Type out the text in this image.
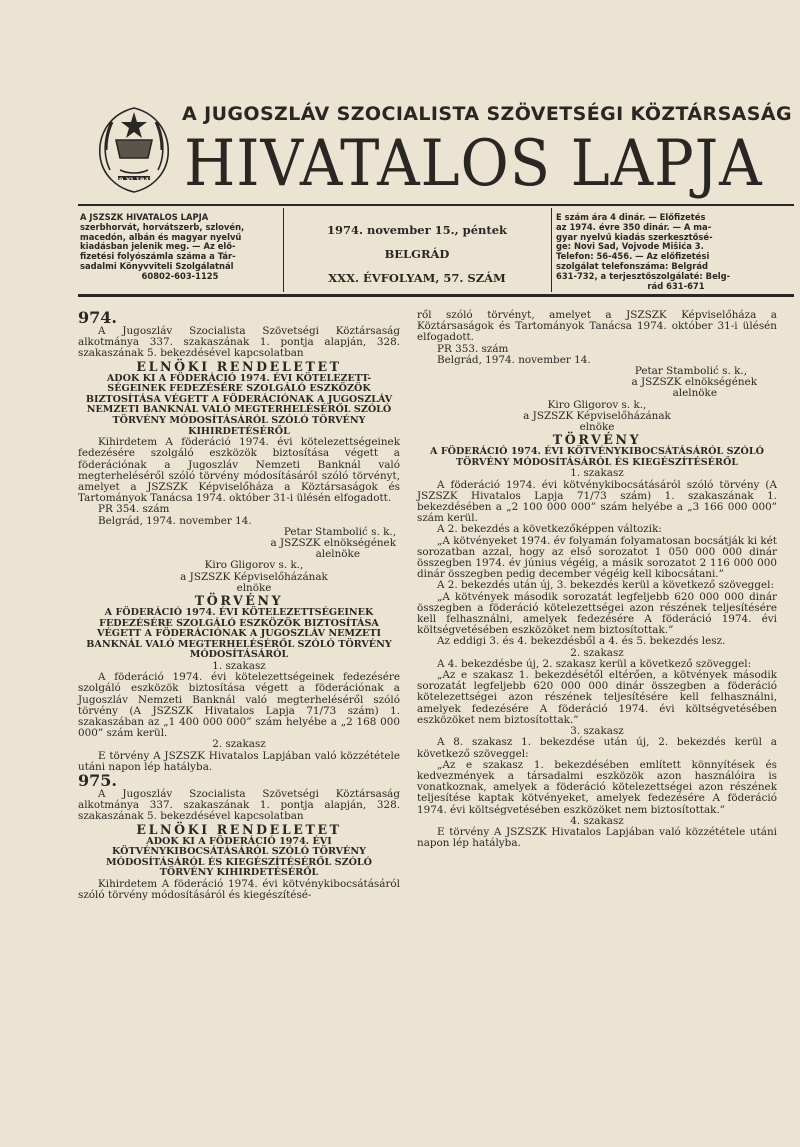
29 XI 1943
A JUGOSZLÁV SZOCIALISTA SZÖVETSÉGI KÖZTÁRSASÁG
HIVATALOS LAPJA
A JSZSZK HIVATALOS LAPJA
szerbhorvát, horvátszerb, szlovén,
macedón, albán és magyar nyelvű
kiadásban jelenik meg. — Az elő-
fizetési folyószámla száma a Tár-
sadalmi Könyvviteli Szolgálatnál
60802-603-1125
1974. november 15., péntek
BELGRÁD
XXX. ÉVFOLYAM, 57. SZÁM
E szám ára 4 dinár. — Előfizetés
az 1974. évre 350 dinár. — A ma-
gyar nyelvű kiadás szerkesztősé-
ge: Novi Sad, Vojvode Mišića 3.
Telefon: 56-456. — Az előfizetési
szolgálat telefonszáma: Belgrád
631-732, a terjesztőszolgálaté: Belg-
rád 631-671

974.

A Jugoszláv Szocialista Szövetségi Köztársaság alkotmánya 337. szakaszának 1. pontja alapján, 328. szakaszának 5. bekezdésével kapcsolatban

ELNÖKI RENDELETET

ADOK KI A FÖDERÁCIÓ 1974. ÉVI KÖTELEZETT-SÉGEINEK FEDEZÉSÉRE SZOLGÁLÓ ESZKÖZÖK BIZTOSÍTÁSA VÉGETT A FÖDERÁCIÓNAK A JUGOSZLÁV NEMZETI BANKNÁL VALÓ MEGTERHELÉSÉRŐL SZÓLÓ TÖRVÉNY MÓDOSÍTÁSÁRÓL SZÓLÓ TÖRVÉNY KIHIRDETÉSÉRŐL

Kihirdetem A föderáció 1974. évi kötelezettségeinek fedezésére szolgáló eszközök biztosítása végett a föderációnak a Jugoszláv Nemzeti Banknál való megterheléséről szóló törvény módosításáról szóló törvényt, amelyet a JSZSZK Képviselőháza a Köztársaságok és Tartományok Tanácsa 1974. október 31-i ülésén elfogadott.

PR 354. szám

Belgrád, 1974. november 14.

Petar Stambolić s. k.,

a JSZSZK elnökségének

alelnöke

Kiro Gligorov s. k.,

a JSZSZK Képviselőházának

elnöke

TÖRVÉNY

A FÖDERÁCIÓ 1974. ÉVI KÖTELEZETTSÉGEINEK FEDEZÉSÉRE SZOLGÁLÓ ESZKÖZÖK BIZTOSÍTÁSA VÉGETT A FÖDERÁCIÓNAK A JUGOSZLÁV NEMZETI BANKNÁL VALÓ MEGTERHELÉSÉRŐL SZÓLÓ TÖRVÉNY MÓDOSÍTÁSÁRÓL

1. szakasz

A föderáció 1974. évi kötelezettségeinek fedezésére szolgáló eszközök biztosítása végett a föderációnak a Jugoszláv Nemzeti Banknál való megterheléséről szóló törvény (A JSZSZK Hivatalos Lapja 71/73 szám) 1. szakaszában az „1 400 000 000” szám helyébe a „2 168 000 000” szám kerül.

2. szakasz

E törvény A JSZSZK Hivatalos Lapjában való közzététele utáni napon lép hatályba.

975.

A Jugoszláv Szocialista Szövetségi Köztársaság alkotmánya 337. szakaszának 1. pontja alapján, 328. szakaszának 5. bekezdésével kapcsolatban

ELNÖKI RENDELETET

ADOK KI A FÖDERÁCIÓ 1974. ÉVI KÖTVÉNYKIBOCSÁTÁSÁRÓL SZÓLÓ TÖRVÉNY MÓDOSÍTÁSÁRÓL ÉS KIEGÉSZÍTÉSÉRŐL SZÓLÓ TÖRVÉNY KIHIRDETÉSÉRŐL

Kihirdetem A föderáció 1974. évi kötvénykibocsátásáról szóló törvény módosításáról és kiegészítésé-

ről szóló törvényt, amelyet a JSZSZK Képviselőháza a Köztársaságok és Tartományok Tanácsa 1974. október 31-i ülésén elfogadott.

PR 353. szám

Belgrád, 1974. november 14.

Petar Stambolić s. k.,

a JSZSZK elnökségének

alelnöke

Kiro Gligorov s. k.,

a JSZSZK Képviselőházának

elnöke

TÖRVÉNY

A FÖDERÁCIÓ 1974. ÉVI KÖTVÉNYKIBOCSÁTÁSÁRÓL SZÓLÓ TÖRVÉNY MÓDOSÍTÁSÁRÓL ÉS KIEGÉSZÍTÉSÉRŐL

1. szakasz

A föderáció 1974. évi kötvénykibocsátásáról szóló törvény (A JSZSZK Hivatalos Lapja 71/73 szám) 1. szakaszának 1. bekezdésében a „2 100 000 000” szám helyébe a „3 166 000 000” szám kerül.

A 2. bekezdés a következőképpen változik:

„A kötvényeket 1974. év folyamán folyamatosan bocsátják ki két sorozatban azzal, hogy az első sorozatot 1 050 000 000 dinár összegben 1974. év június végéig, a másik sorozatot 2 116 000 000 dinár összegben pedig december végéig kell kibocsátani.”

A 2. bekezdés után új, 3. bekezdés kerül a következő szöveggel:

„A kötvények második sorozatát legfeljebb 620 000 000 dinár összegben a föderáció kötelezettségei azon részének teljesítésére kell felhasználni, amelyek fedezésére A föderáció 1974. évi költségvetésében eszközöket nem biztosítottak.”

Az eddigi 3. és 4. bekezdésből a 4. és 5. bekezdés lesz.

2. szakasz

A 4. bekezdésbe új, 2. szakasz kerül a következő szöveggel:

„Az e szakasz 1. bekezdésétől eltérően, a kötvények második sorozatát legfeljebb 620 000 000 dinár összegben a föderáció kötelezettségei azon részének teljesítésére kell felhasználni, amelyek fedezésére A föderáció 1974. évi költségvetésében eszközöket nem biztosítottak.”

3. szakasz

A 8. szakasz 1. bekezdése után új, 2. bekezdés kerül a következő szöveggel:

„Az e szakasz 1. bekezdésében említett könnyítések és kedvezmények a társadalmi eszközök azon használóira is vonatkoznak, amelyek a föderáció kötelezettségei azon részének teljesítése kaptak kötvényeket, amelyek fedezésére A föderáció 1974. évi költségvetésében eszközöket nem biztosítottak.”

4. szakasz

E törvény A JSZSZK Hivatalos Lapjában való közzététele utáni napon lép hatályba.
